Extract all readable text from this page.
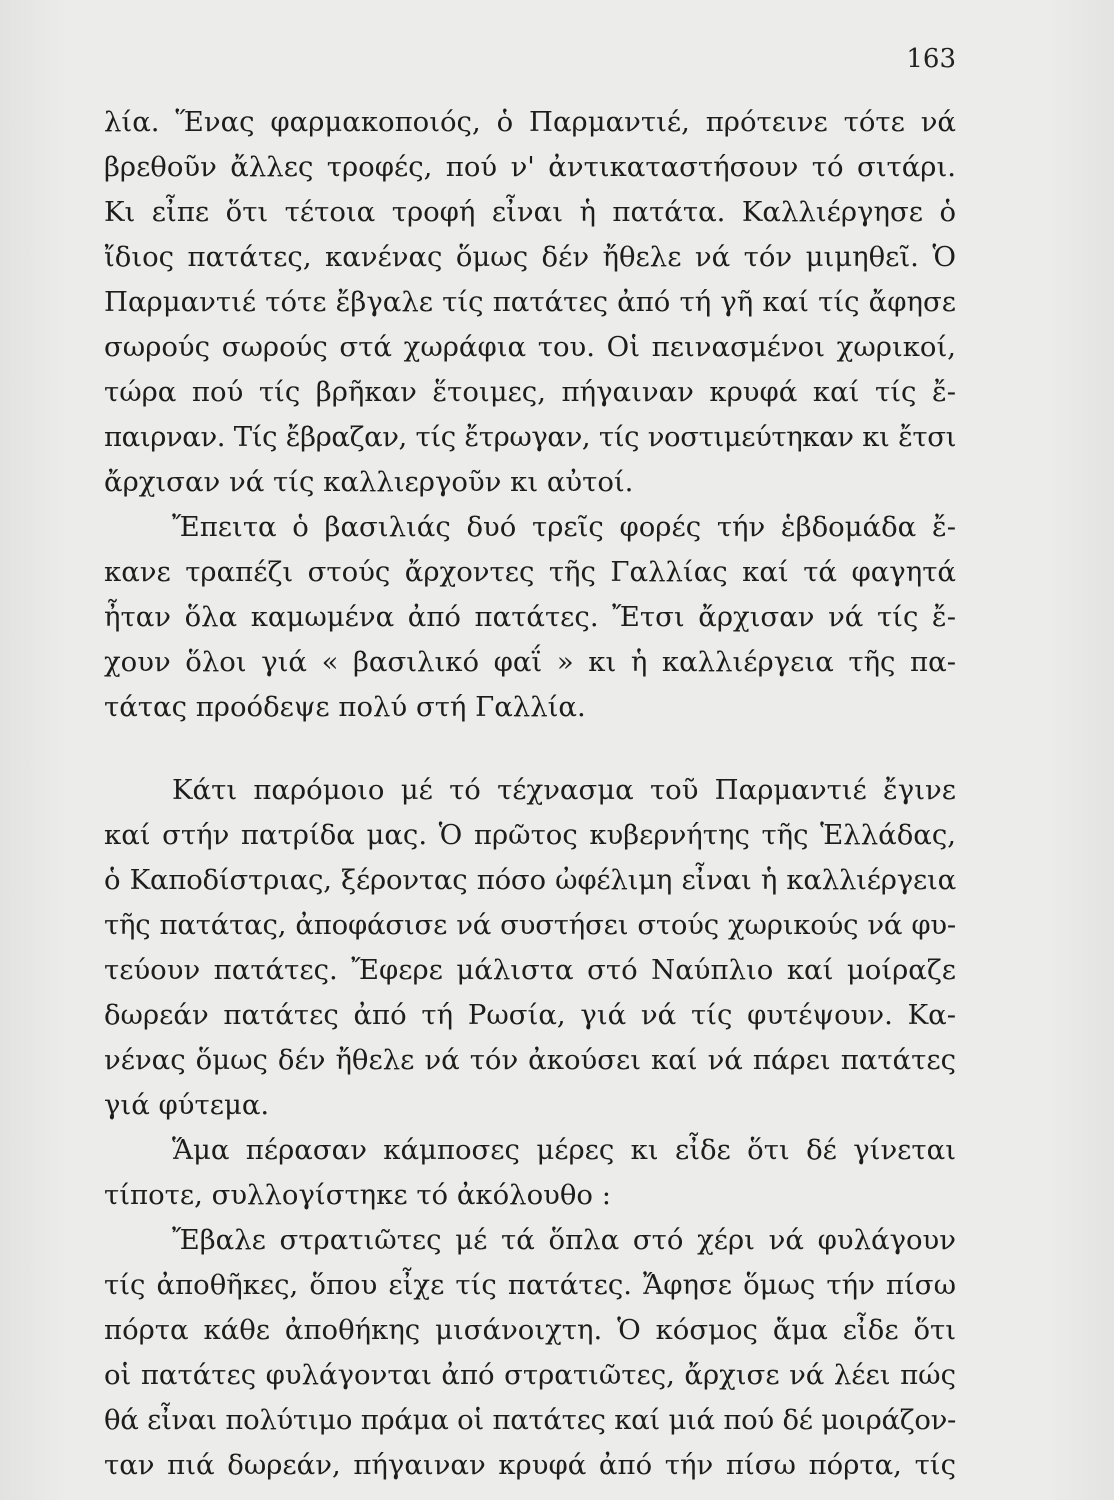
163

λία. Ἕνας φαρμακοποιός, ὁ Παρμαντιέ, πρότεινε τότε νά
βρεθοῦν ἄλλες τροφές, πού ν' ἀντικαταστήσουν τό σιτάρι.
Κι εἶπε ὅτι τέτοια τροφή εἶναι ἡ πατάτα. Καλλιέργησε ὁ
ἴδιος πατάτες, κανένας ὅμως δέν ἤθελε νά τόν μιμηθεῖ. Ὁ
Παρμαντιέ τότε ἔβγαλε τίς πατάτες ἀπό τή γῆ καί τίς ἄφησε
σωρούς σωρούς στά χωράφια του. Οἱ πεινασμένοι χωρικοί,
τώρα πού τίς βρῆκαν ἕτοιμες, πήγαιναν κρυφά καί τίς ἔ-
παιρναν. Τίς ἔβραζαν, τίς ἔτρωγαν, τίς νοστιμεύτηκαν κι ἔτσι
ἄρχισαν νά τίς καλλιεργοῦν κι αὐτοί.

Ἔπειτα ὁ βασιλιάς δυό τρεῖς φορές τήν ἑβδομάδα ἔ-
κανε τραπέζι στούς ἄρχοντες τῆς Γαλλίας καί τά φαγητά
ἦταν ὅλα καμωμένα ἀπό πατάτες. Ἔτσι ἄρχισαν νά τίς ἔ-
χουν ὅλοι γιά « βασιλικό φαΐ » κι ἡ καλλιέργεια τῆς πα-
τάτας προόδεψε πολύ στή Γαλλία.

Κάτι παρόμοιο μέ τό τέχνασμα τοῦ Παρμαντιέ ἔγινε
καί στήν πατρίδα μας. Ὁ πρῶτος κυβερνήτης τῆς Ἑλλάδας,
ὁ Καποδίστριας, ξέροντας πόσο ὠφέλιμη εἶναι ἡ καλλιέργεια
τῆς πατάτας, ἀποφάσισε νά συστήσει στούς χωρικούς νά φυ-
τεύουν πατάτες. Ἔφερε μάλιστα στό Ναύπλιο καί μοίραζε
δωρεάν πατάτες ἀπό τή Ρωσία, γιά νά τίς φυτέψουν. Κα-
νένας ὅμως δέν ἤθελε νά τόν ἀκούσει καί νά πάρει πατάτες
γιά φύτεμα.

Ἅμα πέρασαν κάμποσες μέρες κι εἶδε ὅτι δέ γίνεται
τίποτε, συλλογίστηκε τό ἀκόλουθο :

Ἔβαλε στρατιῶτες μέ τά ὅπλα στό χέρι νά φυλάγουν
τίς ἀποθῆκες, ὅπου εἶχε τίς πατάτες. Ἄφησε ὅμως τήν πίσω
πόρτα κάθε ἀποθήκης μισάνοιχτη. Ὁ κόσμος ἅμα εἶδε ὅτι
οἱ πατάτες φυλάγονται ἀπό στρατιῶτες, ἄρχισε νά λέει πώς
θά εἶναι πολύτιμο πράμα οἱ πατάτες καί μιά πού δέ μοιράζον-
ταν πιά δωρεάν, πήγαιναν κρυφά ἀπό τήν πίσω πόρτα, τίς
